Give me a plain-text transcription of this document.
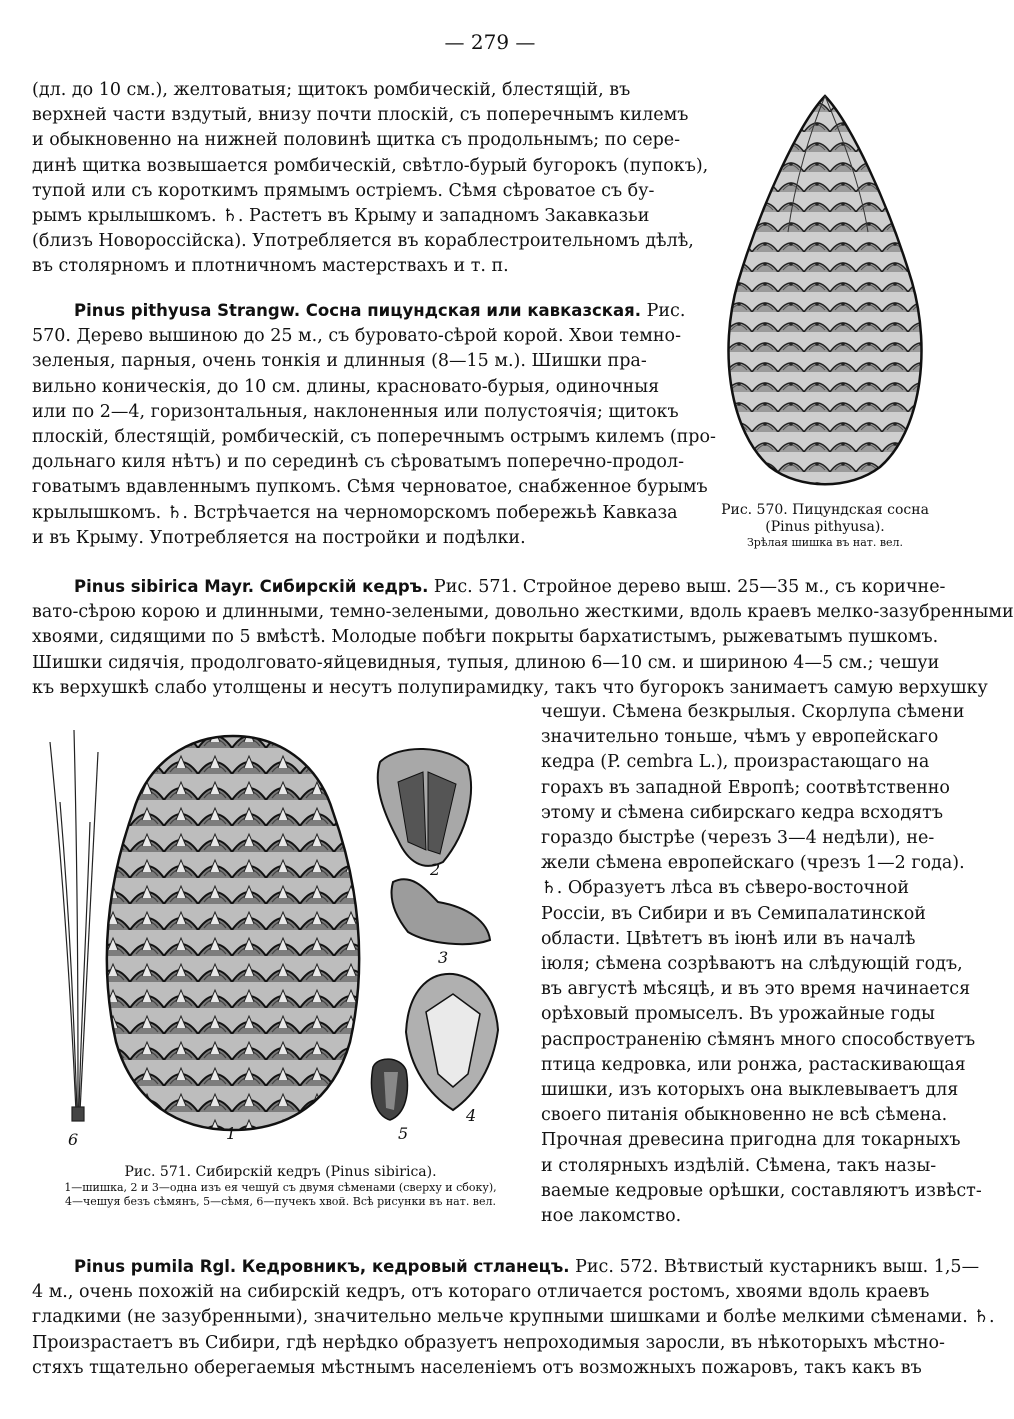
— 279 —
(дл. до 10 см.), желтоватыя; щитокъ ромбическій, блестящій, въ
верхней части вздутый, внизу почти плоскій, съ поперечнымъ килемъ
и обыкновенно на нижней половинѣ щитка съ продольнымъ; по сере-
динѣ щитка возвышается ромбическій, свѣтло-бурый бугорокъ (пупокъ),
тупой или съ короткимъ прямымъ остріемъ. Сѣмя сѣроватое съ бу-
рымъ крылышкомъ. ♄. Растетъ въ Крыму и западномъ Закавказьи
(близъ Новороссійска). Употребляется въ кораблестроительномъ дѣлѣ,
въ столярномъ и плотничномъ мастерствахъ и т. п.
Pinus pithyusa Strangw. Сосна пицундская или кавказская. Рис.
570. Дерево вышиною до 25 м., съ буровато-сѣрой корой. Хвои темно-
зеленыя, парныя, очень тонкія и длинныя (8—15 м.). Шишки пра-
вильно коническія, до 10 см. длины, красновато-бурыя, одиночныя
или по 2—4, горизонтальныя, наклоненныя или полустоячія; щитокъ
плоскій, блестящій, ромбическій, съ поперечнымъ острымъ килемъ (про-
дольнаго киля нѣтъ) и по серединѣ съ сѣроватымъ поперечно-продол-
говатымъ вдавленнымъ пупкомъ. Сѣмя черноватое, снабженное бурымъ
крылышкомъ. ♄. Встрѣчается на черноморскомъ побережьѣ Кавказа
и въ Крыму. Употребляется на постройки и подѣлки.
Рис. 570. Пицундская сосна
(Pinus pithyusa).
Зрѣлая шишка въ нат. вел.
Pinus sibirica Mayr. Сибирскій кедръ. Рис. 571. Стройное дерево выш. 25—35 м., съ коричне-
вато-сѣрою корою и длинными, темно-зелеными, довольно жесткими, вдоль краевъ мелко-зазубренными
хвоями, сидящими по 5 вмѣстѣ. Молодые побѣги покрыты бархатистымъ, рыжеватымъ пушкомъ.
Шишки сидячія, продолговато-яйцевидныя, тупыя, длиною 6—10 см. и шириною 4—5 см.; чешуи
къ верхушкѣ слабо утолщены и несутъ полупирамидку, такъ что бугорокъ занимаетъ самую верхушку
чешуи. Сѣмена безкрылыя. Скорлупа сѣмени
значительно тоньше, чѣмъ у европейскаго
кедра (P. cembra L.), произрастающаго на
горахъ въ западной Европѣ; соотвѣтственно
этому и сѣмена сибирскаго кедра всходятъ
гораздо быстрѣе (черезъ 3—4 недѣли), не-
жели сѣмена европейскаго (чрезъ 1—2 года).
♄. Образуетъ лѣса въ сѣверо-восточной
Россіи, въ Сибири и въ Семипалатинской
области. Цвѣтетъ въ іюнѣ или въ началѣ
іюля; сѣмена созрѣваютъ на слѣдующій годъ,
въ августѣ мѣсяцѣ, и въ это время начинается
орѣховый промыселъ. Въ урожайные годы
распространенію сѣмянъ много способствуетъ
птица кедровка, или ронжа, растаскивающая
шишки, изъ которыхъ она выклевываетъ для
своего питанія обыкновенно не всѣ сѣмена.
Прочная древесина пригодна для токарныхъ
и столярныхъ издѣлій. Сѣмена, такъ назы-
ваемые кедровые орѣшки, составляютъ извѣст-
ное лакомство.
1
2
3
4
5
6
Рис. 571. Сибирскій кедръ (Pinus sibirica).
1—шишка, 2 и 3—одна изъ ея чешуй съ двумя сѣменами (сверху и сбоку),
4—чешуя безъ сѣмянъ, 5—сѣмя, 6—пучекъ хвой. Всѣ рисунки въ нат. вел.
Pinus pumila Rgl. Кедровникъ, кедровый стланецъ. Рис. 572. Вѣтвистый кустарникъ выш. 1,5—
4 м., очень похожій на сибирскій кедръ, отъ котораго отличается ростомъ, хвоями вдоль краевъ
гладкими (не зазубренными), значительно мельче крупными шишками и болѣе мелкими сѣменами. ♄.
Произрастаетъ въ Сибири, гдѣ нерѣдко образуетъ непроходимыя заросли, въ нѣкоторыхъ мѣстно-
стяхъ тщательно оберегаемыя мѣстнымъ населеніемъ отъ возможныхъ пожаровъ, такъ какъ въ
